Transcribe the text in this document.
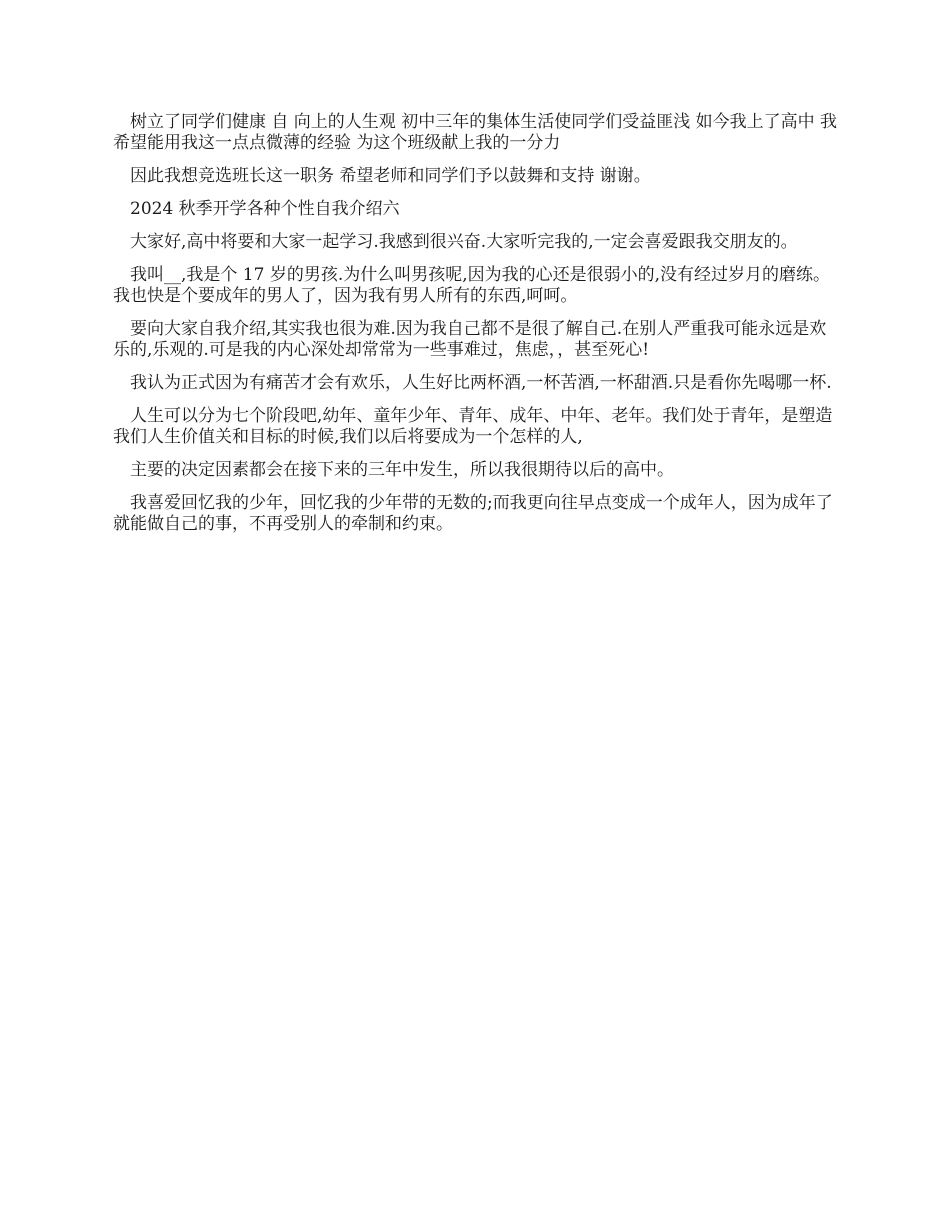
树立了同学们健康 自 向上的人生观 初中三年的集体生活使同学们受益匪浅 如今我上了高中 我希望能用我这一点点微薄的经验 为这个班级献上我的一分力

因此我想竞选班长这一职务 希望老师和同学们予以鼓舞和支持 谢谢。

2024 秋季开学各种个性自我介绍六

大家好,高中将要和大家一起学习.我感到很兴奋.大家听完我的,一定会喜爱跟我交朋友的。

我叫__,我是个 17 岁的男孩.为什么叫男孩呢,因为我的心还是很弱小的,没有经过岁月的磨练。我也快是个要成年的男人了，因为我有男人所有的东西,呵呵。

要向大家自我介绍,其实我也很为难.因为我自己都不是很了解自己.在别人严重我可能永远是欢乐的,乐观的.可是我的内心深处却常常为一些事难过，焦虑，，甚至死心!

我认为正式因为有痛苦才会有欢乐，人生好比两杯酒,一杯苦酒,一杯甜酒.只是看你先喝哪一杯.

人生可以分为七个阶段吧,幼年、童年少年、青年、成年、中年、老年。我们处于青年，是塑造我们人生价值关和目标的时候,我们以后将要成为一个怎样的人,

主要的决定因素都会在接下来的三年中发生，所以我很期待以后的高中。

我喜爱回忆我的少年，回忆我的少年带的无数的;而我更向往早点变成一个成年人，因为成年了就能做自己的事，不再受别人的牵制和约束。
